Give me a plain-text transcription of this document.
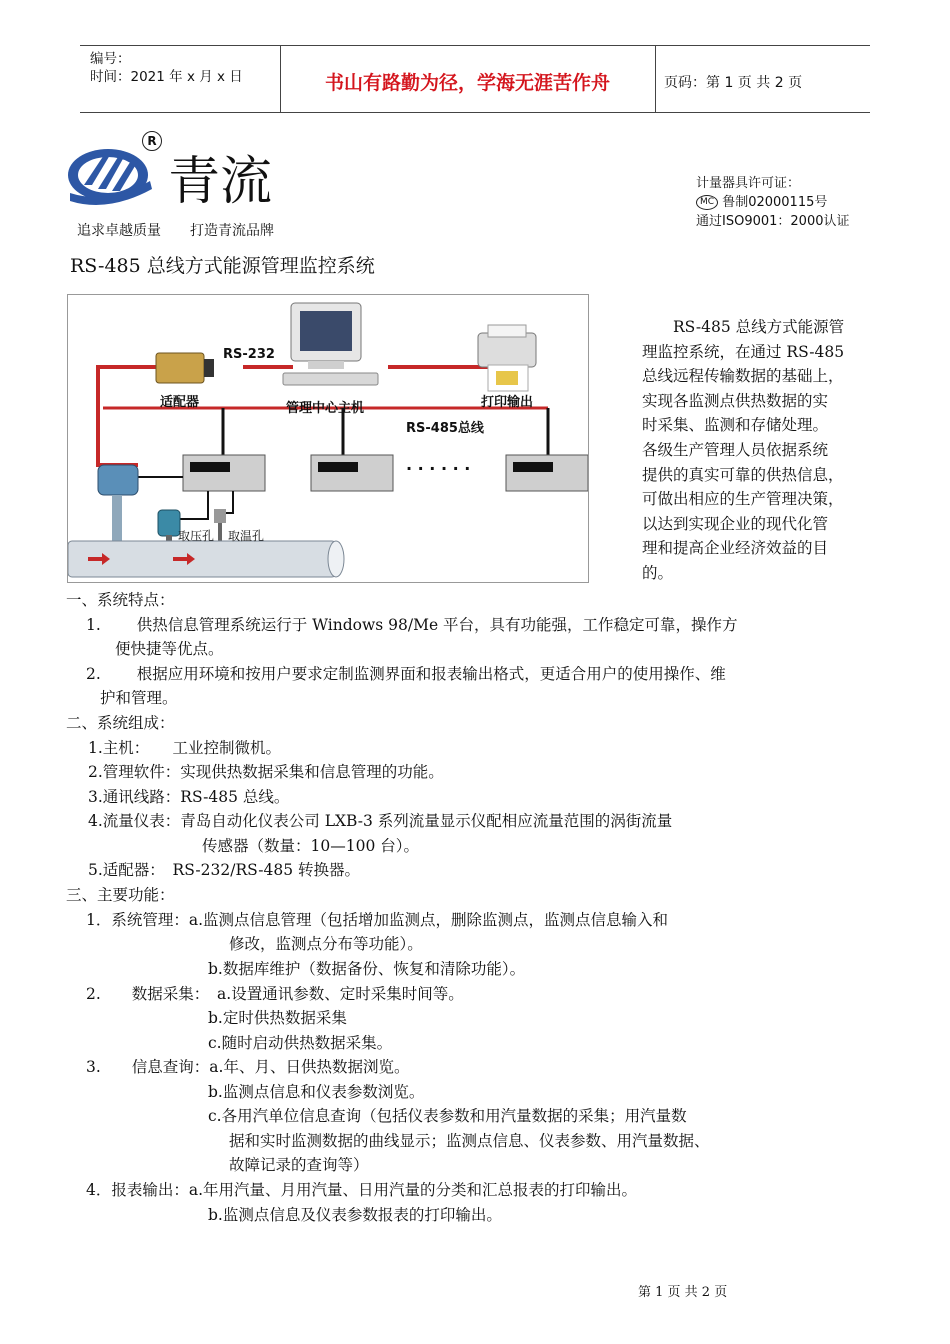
编号：
时间：2021 年 x 月 x 日	书山有路勤为径，学海无涯苦作舟	页码：第 1 页 共 2 页
R
青流
追求卓越质量 打造青流品牌
计量器具许可证：
MC 鲁制02000115号
通过ISO9001：2000认证
RS-485 总线方式能源管理监控系统
适配器
RS-232
管理中心主机	打印输出
RS-485总线
· · · · · ·
取压孔 取温孔
　　RS-485 总线方式能源管
理监控系统，在通过 RS-485
总线远程传输数据的基础上，
实现各监测点供热数据的实
时采集、监测和存储处理。
各级生产管理人员依据系统
提供的真实可靠的供热信息，
可做出相应的生产管理决策，
以达到实现企业的现代化管
理和提高企业经济效益的目
的。
一、系统特点：
1.　　 供热信息管理系统运行于 Windows 98/Me 平台，具有功能强，工作稳定可靠，操作方
便快捷等优点。
2.　　 根据应用环境和按用户要求定制监测界面和报表输出格式，更适合用户的使用操作、维
护和管理。
二、系统组成：
1.主机：　　工业控制微机。
2.管理软件：实现供热数据采集和信息管理的功能。
3.通讯线路：RS-485 总线。
4.流量仪表：青岛自动化仪表公司 LXB-3 系列流量显示仪配相应流量范围的涡街流量
传感器（数量：10—100 台）。
5.适配器：　RS-232/RS-485 转换器。
三、主要功能：
1．系统管理：a.监测点信息管理（包括增加监测点，删除监测点，监测点信息输入和
修改，监测点分布等功能）。
b.数据库维护（数据备份、恢复和清除功能）。
2.　　数据采集：　a.设置通讯参数、定时采集时间等。
b.定时供热数据采集
c.随时启动供热数据采集。
3.　　信息查询：a.年、月、日供热数据浏览。
b.监测点信息和仪表参数浏览。
c.各用汽单位信息查询（包括仪表参数和用汽量数据的采集；用汽量数
据和实时监测数据的曲线显示；监测点信息、仪表参数、用汽量数据、
故障记录的查询等）
4．报表输出：a.年用汽量、月用汽量、日用汽量的分类和汇总报表的打印输出。
b.监测点信息及仪表参数报表的打印输出。
第 1 页 共 2 页
